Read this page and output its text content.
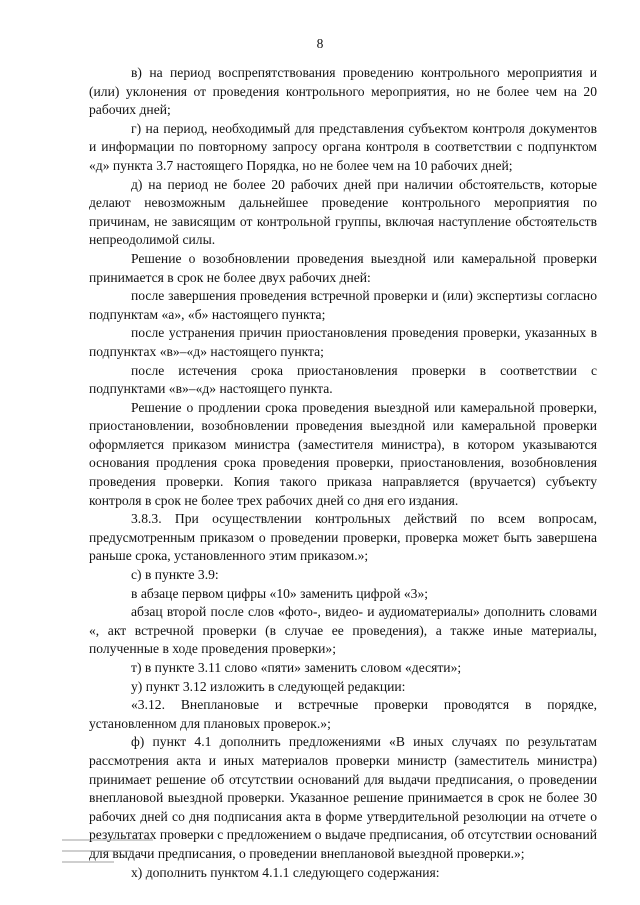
8

в) на период воспрепятствования проведению контрольного мероприятия и (или) уклонения от проведения контрольного мероприятия, но не более чем на 20 рабочих дней;

г) на период, необходимый для представления субъектом контроля документов и информации по повторному запросу органа контроля в соответствии с подпунктом «д» пункта 3.7 настоящего Порядка, но не более чем на 10 рабочих дней;

д) на период не более 20 рабочих дней при наличии обстоятельств, которые делают невозможным дальнейшее проведение контрольного мероприятия по причинам, не зависящим от контрольной группы, включая наступление обстоятельств непреодолимой силы.

Решение о возобновлении проведения выездной или камеральной проверки принимается в срок не более двух рабочих дней:

после завершения проведения встречной проверки и (или) экспертизы согласно подпунктам «а», «б» настоящего пункта;

после устранения причин приостановления проведения проверки, указанных в подпунктах «в»–«д» настоящего пункта;

после истечения срока приостановления проверки в соответствии с подпунктами «в»–«д» настоящего пункта.

Решение о продлении срока проведения выездной или камеральной проверки, приостановлении, возобновлении проведения выездной или камеральной проверки оформляется приказом министра (заместителя министра), в котором указываются основания продления срока проведения проверки, приостановления, возобновления проведения проверки. Копия такого приказа направляется (вручается) субъекту контроля в срок не более трех рабочих дней со дня его издания.

3.8.3. При осуществлении контрольных действий по всем вопросам, предусмотренным приказом о проведении проверки, проверка может быть завершена раньше срока, установленного этим приказом.»;

с) в пункте 3.9:

в абзаце первом цифры «10» заменить цифрой «3»;

абзац второй после слов «фото-, видео- и аудиоматериалы» дополнить словами «, акт встречной проверки (в случае ее проведения), а также иные материалы, полученные в ходе проведения проверки»;

т) в пункте 3.11 слово «пяти» заменить словом «десяти»;

у) пункт 3.12 изложить в следующей редакции:

«3.12. Внеплановые и встречные проверки проводятся в порядке, установленном для плановых проверок.»;

ф) пункт 4.1 дополнить предложениями «В иных случаях по результатам рассмотрения акта и иных материалов проверки министр (заместитель министра) принимает решение об отсутствии оснований для выдачи предписания, о проведении внеплановой выездной проверки. Указанное решение принимается в срок не более 30 рабочих дней со дня подписания акта в форме утвердительной резолюции на отчете о результатах проверки с предложением о выдаче предписания, об отсутствии оснований для выдачи предписания, о проведении внеплановой выездной проверки.»;

х) дополнить пунктом 4.1.1 следующего содержания:
